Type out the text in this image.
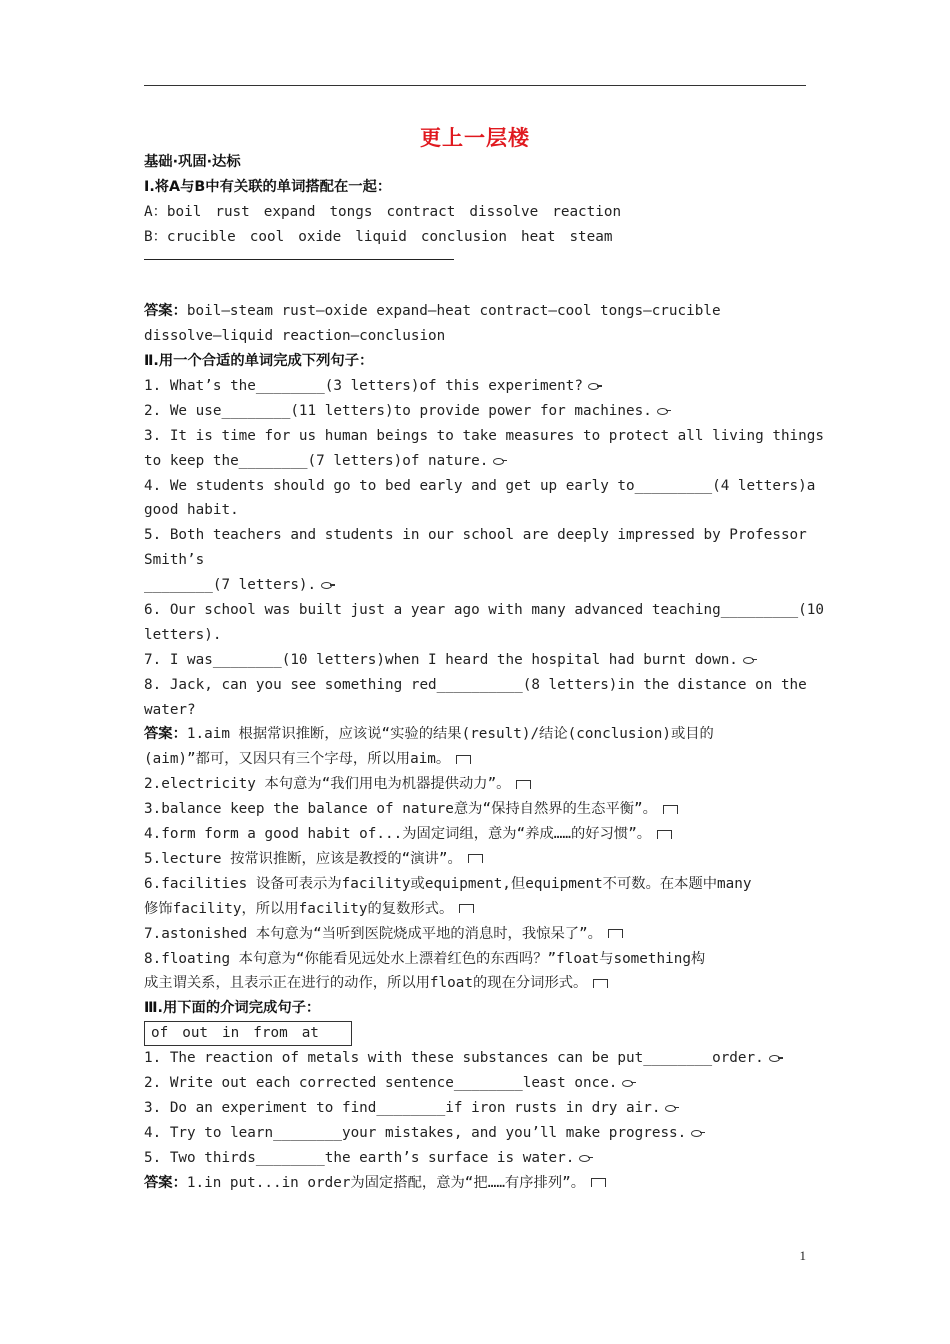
更上一层楼
基础·巩固·达标
Ⅰ.将A与B中有关联的单词搭配在一起：
A：boil rust expand tongs contract dissolve reaction
B：crucible cool oxide liquid conclusion heat steam
答案：boil—steam rust—oxide expand—heat contract—cool tongs—crucible
dissolve—liquid reaction—conclusion
Ⅱ.用一个合适的单词完成下列句子：
1. What’s the________(3 letters)of this experiment?
2. We use________(11 letters)to provide power for machines.
3. It is time for us human beings to take measures to protect all living things
to keep the________(7 letters)of nature.
4. We students should go to bed early and get up early to_________(4 letters)a
good habit.
5. Both teachers and students in our school are deeply impressed by Professor
Smith’s
________(7 letters).
6. Our school was built just a year ago with many advanced teaching_________(10
letters).
7. I was________(10 letters)when I heard the hospital had burnt down.
8. Jack, can you see something red__________(8 letters)in the distance on the
water?
答案：1.aim 根据常识推断，应该说“实验的结果(result)/结论(conclusion)或目的
(aim)”都可，又因只有三个字母，所以用aim。
2.electricity 本句意为“我们用电为机器提供动力”。
3.balance keep the balance of nature意为“保持自然界的生态平衡”。
4.form form a good habit of...为固定词组，意为“养成……的好习惯”。
5.lecture 按常识推断，应该是教授的“演讲”。
6.facilities 设备可表示为facility或equipment,但equipment不可数。在本题中many
修饰facility，所以用facility的复数形式。
7.astonished 本句意为“当听到医院烧成平地的消息时，我惊呆了”。
8.floating 本句意为“你能看见远处水上漂着红色的东西吗？”float与something构
成主谓关系，且表示正在进行的动作，所以用float的现在分词形式。
Ⅲ.用下面的介词完成句子：
of out in from at
1. The reaction of metals with these substances can be put________order.
2. Write out each corrected sentence________least once.
3. Do an experiment to find________if iron rusts in dry air.
4. Try to learn________your mistakes, and you’ll make progress.
5. Two thirds________the earth’s surface is water.
答案：1.in put...in order为固定搭配，意为“把……有序排列”。
1
